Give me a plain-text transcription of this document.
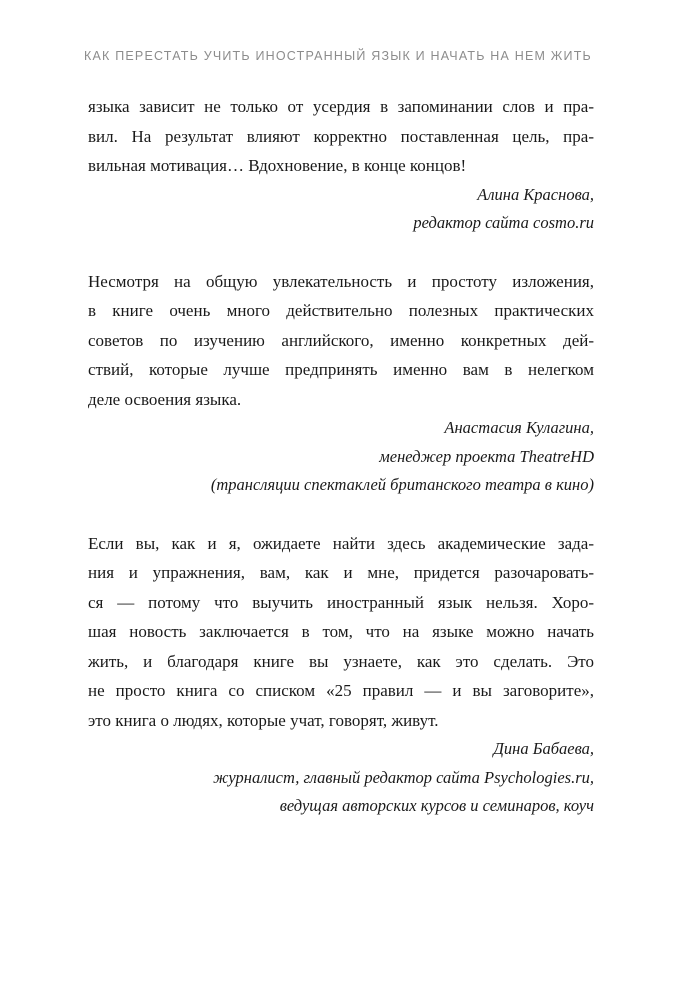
КАК ПЕРЕСТАТЬ УЧИТЬ ИНОСТРАННЫЙ ЯЗЫК И НАЧАТЬ НА НЕМ ЖИТЬ
языка зависит не только от усердия в запоминании слов и пра-
вил. На результат влияют корректно поставленная цель, пра-
вильная мотивация… Вдохновение, в конце концов!
Алина Краснова,
редактор сайта cosmo.ru
Несмотря на общую увлекательность и простоту изложения,
в книге очень много действительно полезных практических
советов по изучению английского, именно конкретных дей-
ствий, которые лучше предпринять именно вам в нелегком
деле освоения языка.
Анастасия Кулагина,
менеджер проекта TheatreHD
(трансляции спектаклей британского театра в кино)
Если вы, как и я, ожидаете найти здесь академические зада-
ния и упражнения, вам, как и мне, придется разочаровать-
ся — потому что выучить иностранный язык нельзя. Хоро-
шая новость заключается в том, что на языке можно начать
жить, и благодаря книге вы узнаете, как это сделать. Это
не просто книга со списком «25 правил — и вы заговорите»,
это книга о людях, которые учат, говорят, живут.
Дина Бабаева,
журналист, главный редактор сайта Psychologies.ru,
ведущая авторских курсов и семинаров, коуч
